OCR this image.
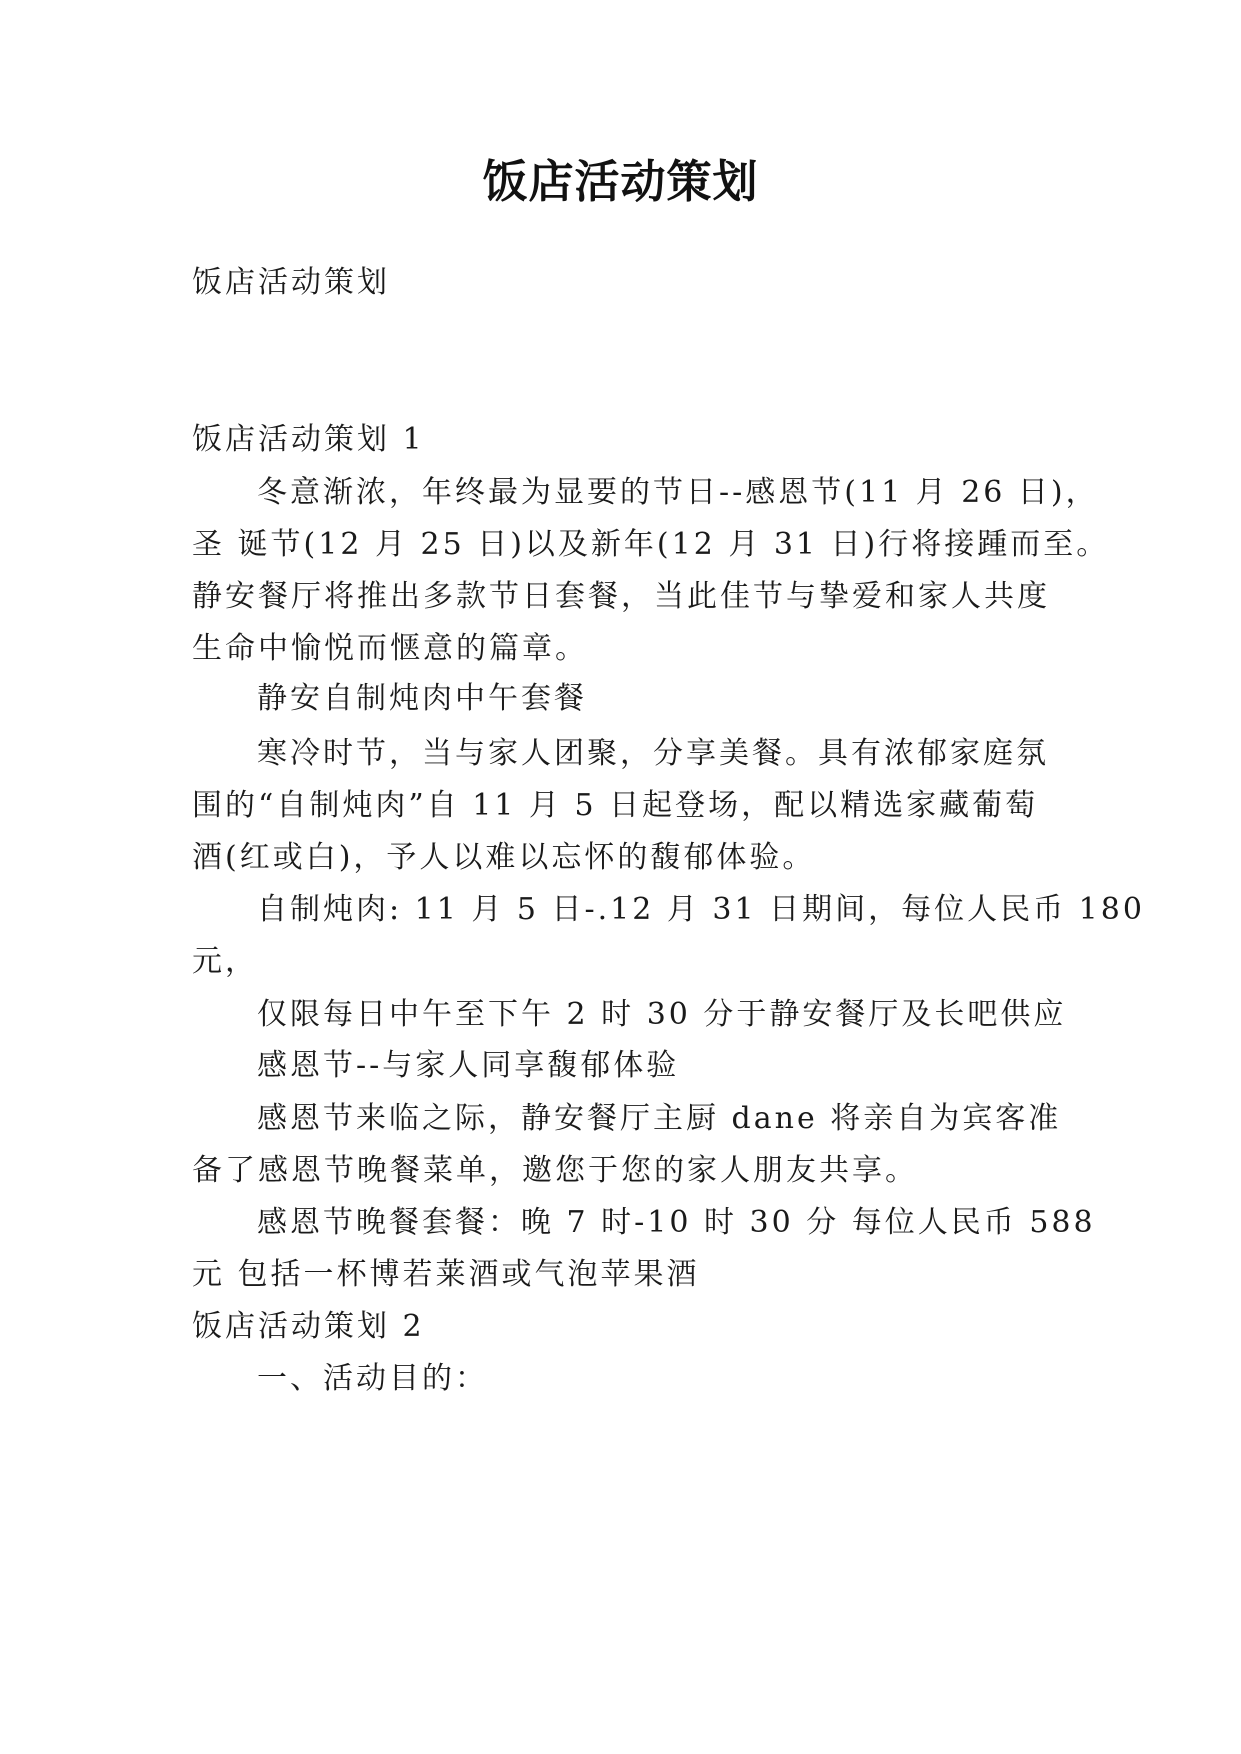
饭店活动策划
饭店活动策划
饭店活动策划 1
冬意渐浓，年终最为显要的节日--感恩节(11 月 26 日)，
圣 诞节(12 月 25 日)以及新年(12 月 31 日)行将接踵而至。
静安餐厅将推出多款节日套餐，当此佳节与挚爱和家人共度
生命中愉悦而惬意的篇章。
静安自制炖肉中午套餐
寒冷时节，当与家人团聚，分享美餐。具有浓郁家庭氛
围的“自制炖肉”自 11 月 5 日起登场，配以精选家藏葡萄
酒(红或白)，予人以难以忘怀的馥郁体验。
自制炖肉: 11 月 5 日-.12 月 31 日期间，每位人民币 180
元，
仅限每日中午至下午 2 时 30 分于静安餐厅及长吧供应
感恩节--与家人同享馥郁体验
感恩节来临之际，静安餐厅主厨 dane 将亲自为宾客准
备了感恩节晚餐菜单，邀您于您的家人朋友共享。
感恩节晚餐套餐：晚 7 时-10 时 30 分 每位人民币 588
元 包括一杯博若莱酒或气泡苹果酒
饭店活动策划 2
一、活动目的：
